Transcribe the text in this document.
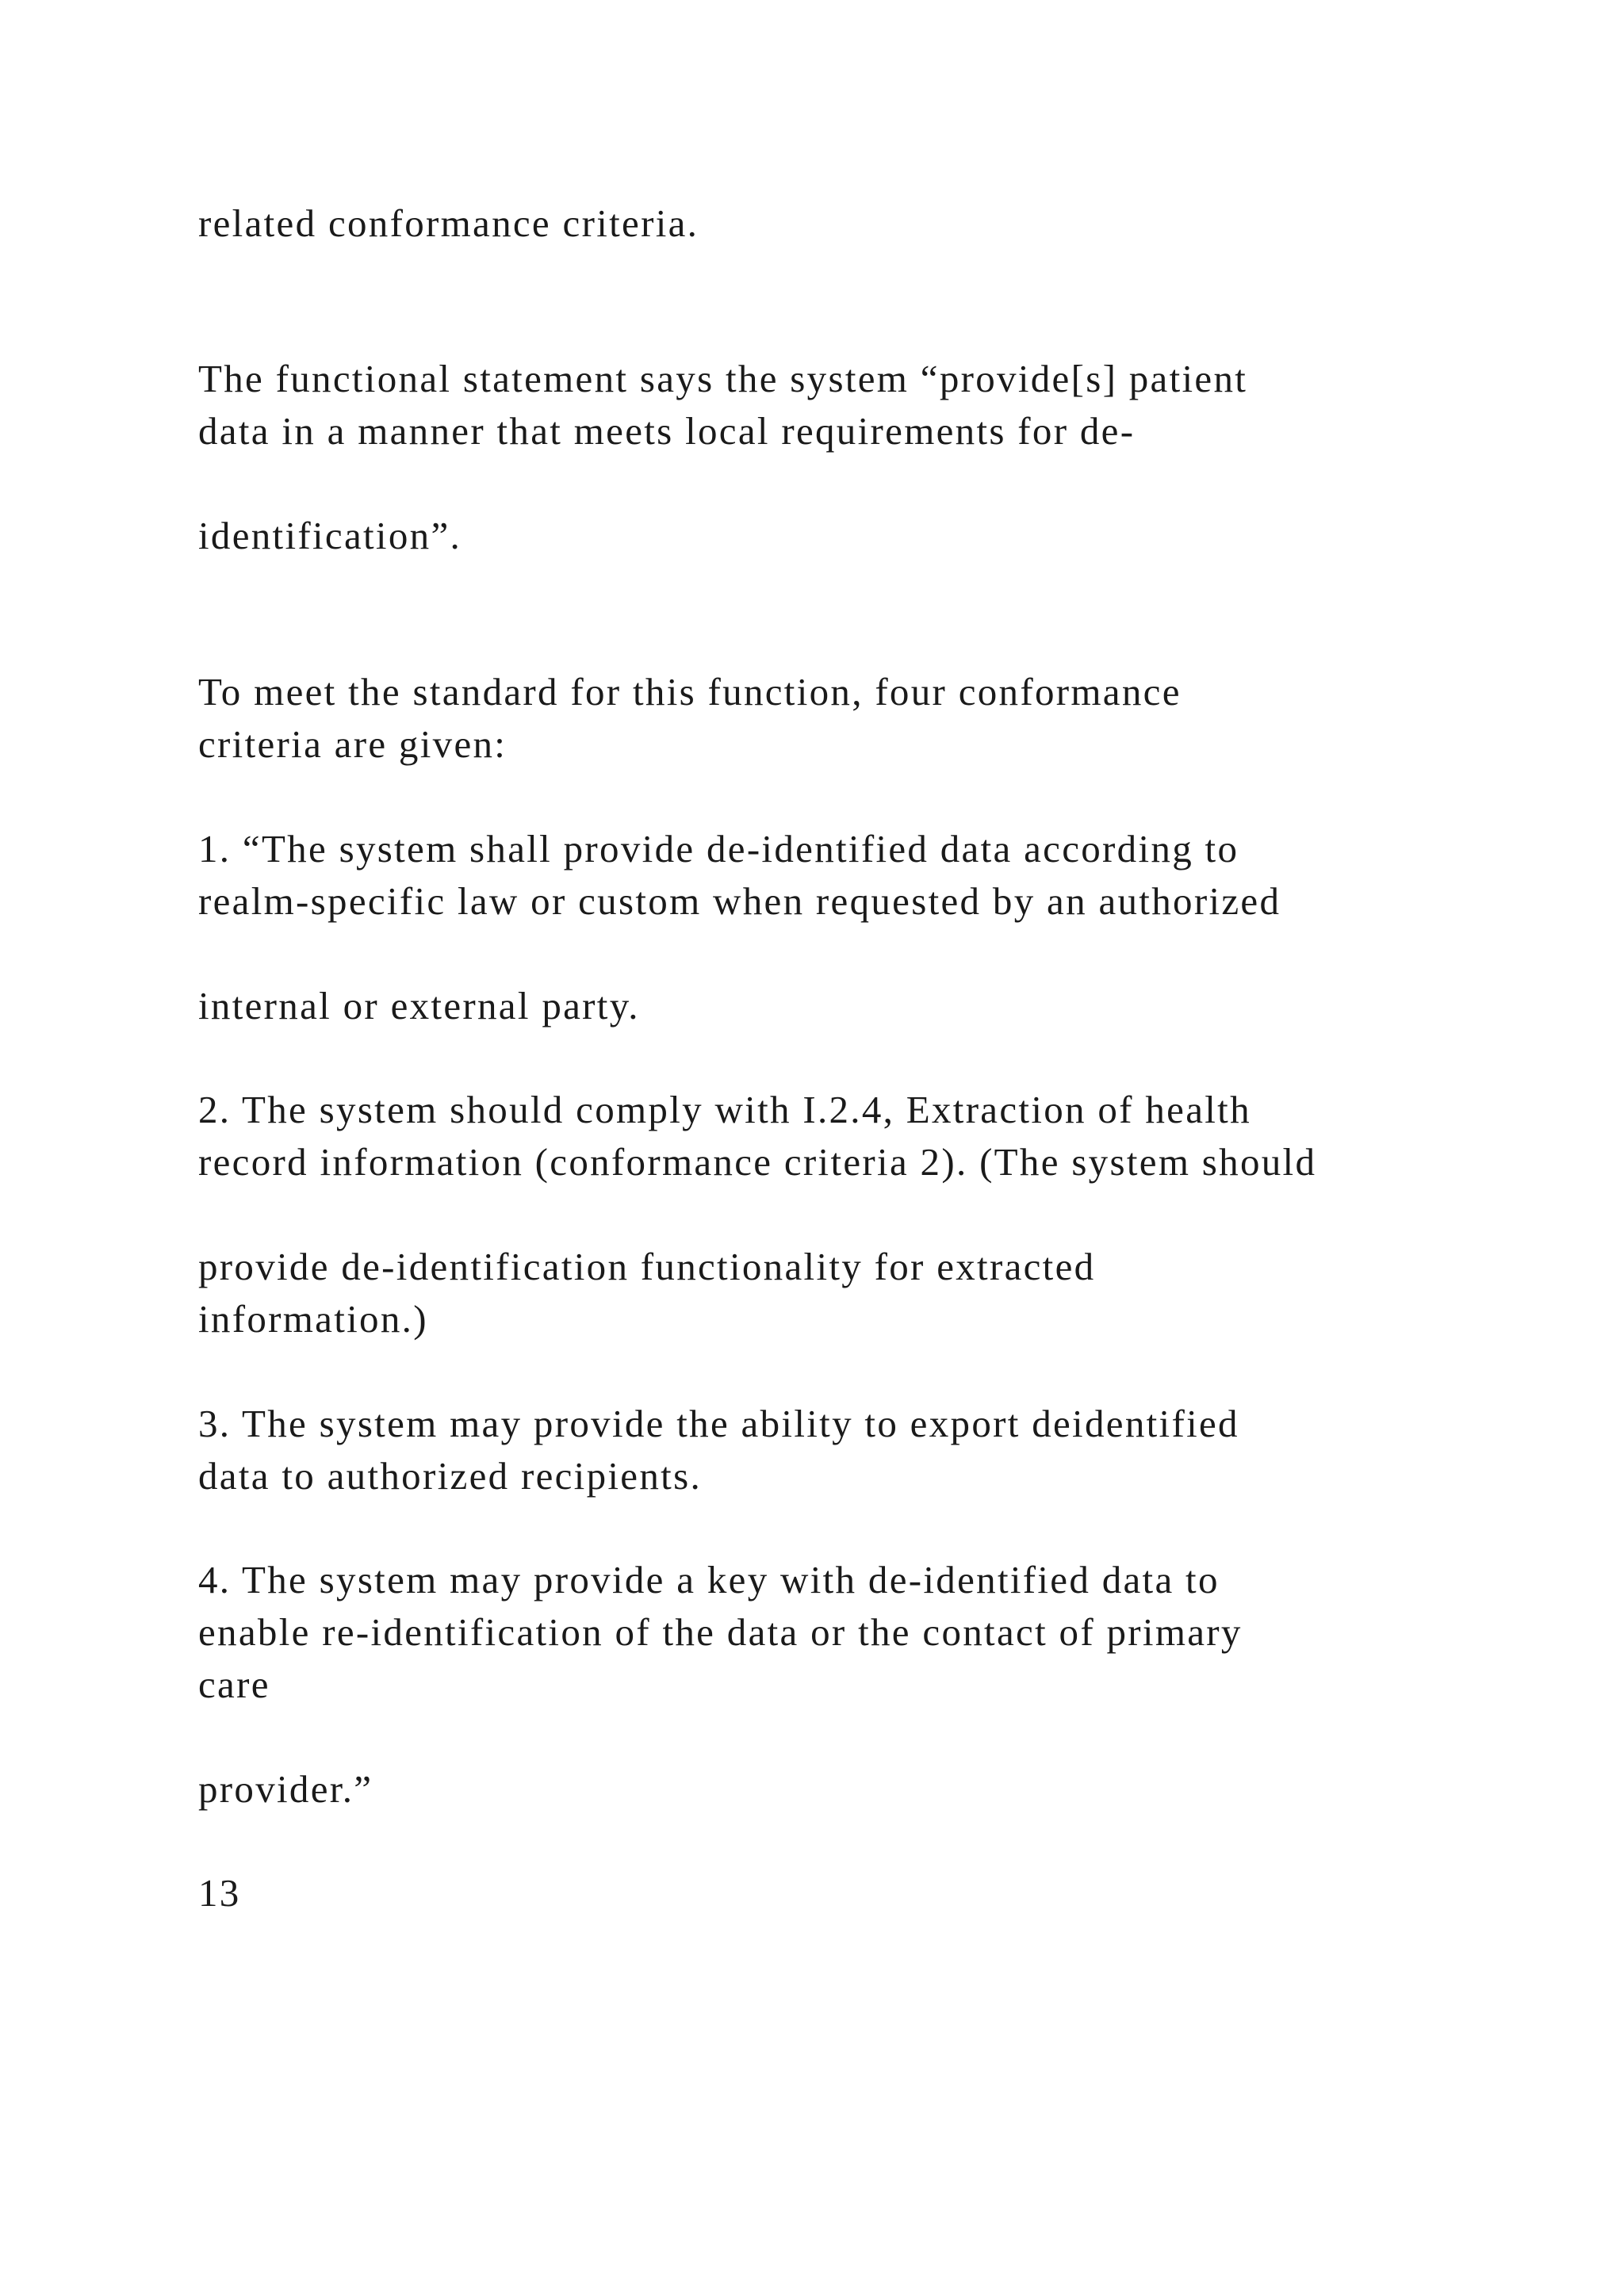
related conformance criteria.
The functional statement says the system “provide[s] patient
data in a manner that meets local requirements for de-
identification”.
To meet the standard for this function, four conformance
criteria are given:
1. “The system shall provide de-identified data according to
realm-specific law or custom when requested by an authorized
internal or external party.
2. The system should comply with I.2.4, Extraction of health
record information (conformance criteria 2). (The system should
provide de-identification functionality for extracted
information.)
3. The system may provide the ability to export deidentified
data to authorized recipients.
4. The system may provide a key with de-identified data to
enable re-identification of the data or the contact of primary
care
provider.”
13
